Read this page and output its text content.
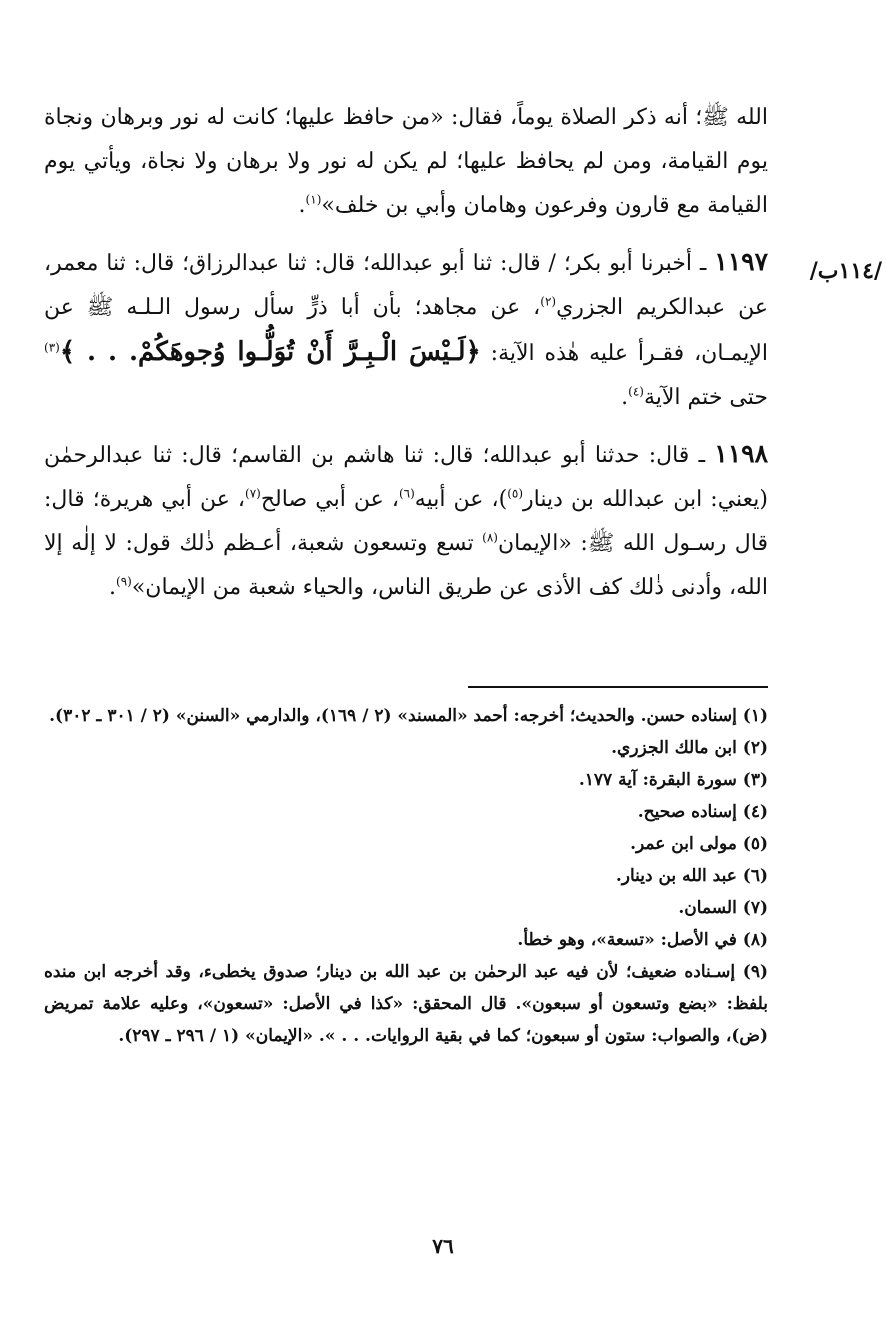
/١١٤ب/

الله ﷺ؛ أنه ذكر الصلاة يوماً، فقال: «من حافظ عليها؛ كانت له نور وبرهان ونجاة يوم القيامة، ومن لم يحافظ عليها؛ لم يكن له نور ولا برهان ولا نجاة، ويأتي يوم القيامة مع قارون وفرعون وهامان وأبي بن خلف»$^{(١)}$.

١١٩٧ ـ أخبرنا أبو بكر؛ / قال: ثنا أبو عبدالله؛ قال: ثنا عبدالرزاق؛ قال: ثنا معمر، عن عبدالكريم الجزري$^{(٢)}$، عن مجاهد؛ بأن أبا ذرٍّ سأل رسول الـلـه ﷺ عن الإيمـان، فقـرأ عليه هٰذه الآية: ﴿لَـيْسَ الْـبِـرَّ أَنْ تُوَلُّـوا وُجوهَكُمْ. . . ﴾$^{(٣)}$ حتى ختم الآية$^{(٤)}$.

١١٩٨ ـ قال: حدثنا أبو عبدالله؛ قال: ثنا هاشم بن القاسم؛ قال: ثنا عبدالرحمٰن (يعني: ابن عبدالله بن دينار$^{(٥)}$)، عن أبيه$^{(٦)}$، عن أبي صالح$^{(٧)}$، عن أبي هريرة؛ قال: قال رسـول الله ﷺ: «الإيمان$^{(٨)}$ تسع وتسعون شعبة، أعـظم ذٰلك قول: لا إلٰه إلا الله، وأدنى ذٰلك كف الأذى عن طريق الناس، والحياء شعبة من الإيمان»$^{(٩)}$.

(١) إسناده حسن. والحديث؛ أخرجه: أحمد «المسند» (٢ / ١٦٩)، والدارمي «السنن» (٢ / ٣٠١ ـ ٣٠٢).

(٢) ابن مالك الجزري.

(٣) سورة البقرة: آية ١٧٧.

(٤) إسناده صحيح.

(٥) مولى ابن عمر.

(٦) عبد الله بن دينار.

(٧) السمان.

(٨) في الأصل: «تسعة»، وهو خطأ.

(٩) إسـناده ضعيف؛ لأن فيه عبد الرحمٰن بن عبد الله بن دينار؛ صدوق يخطىء، وقد أخرجه ابن منده بلفظ: «بضع وتسعون أو سبعون». قال المحقق: «كذا في الأصل: «تسعون»، وعليه علامة تمريض (ض)، والصواب: ستون أو سبعون؛ كما في بقية الروايات. . . ». «الإيمان» (١ / ٢٩٦ ـ ٢٩٧).

٧٦
